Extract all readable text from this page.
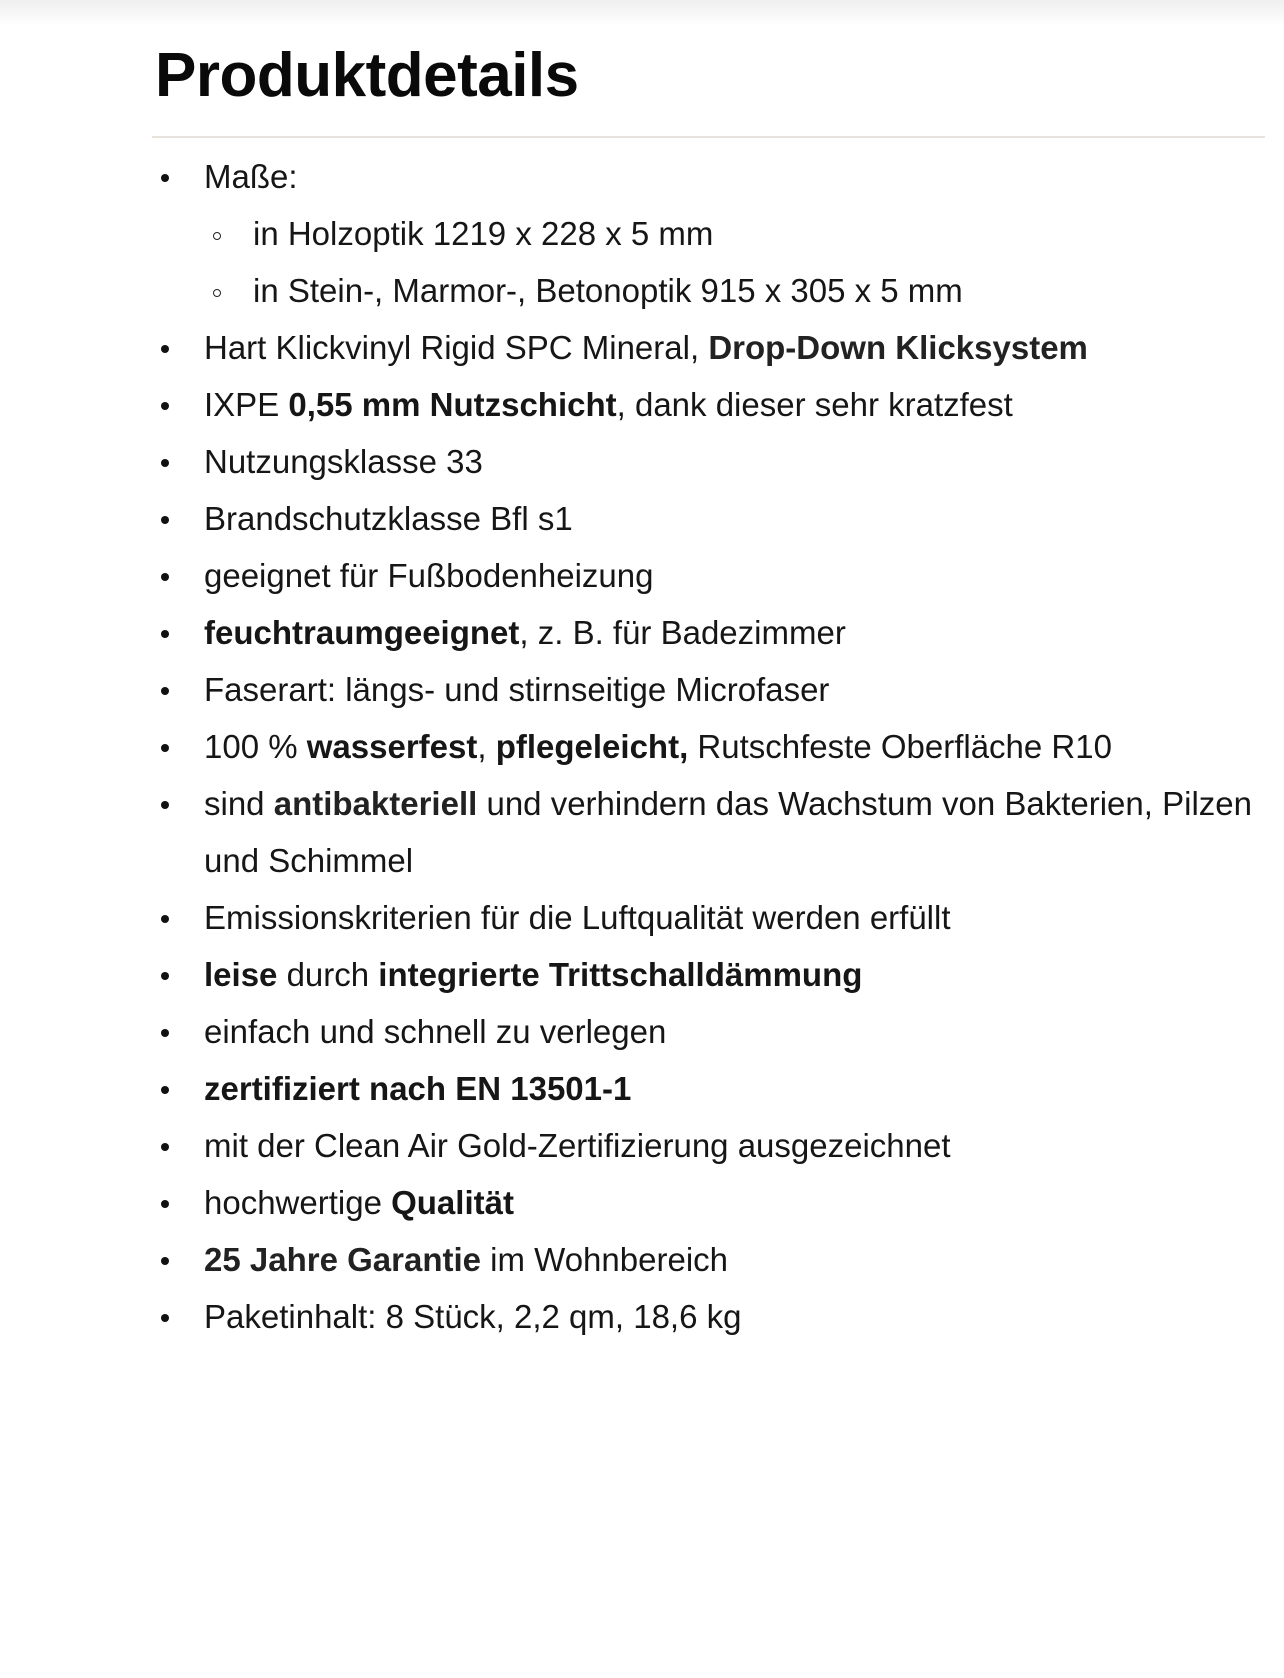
Produktdetails
Maße:
in Holzoptik 1219 x 228 x 5 mm
in Stein-, Marmor-, Betonoptik 915 x 305 x 5 mm
Hart Klickvinyl Rigid SPC Mineral, Drop-Down Klicksystem
IXPE 0,55 mm Nutzschicht, dank dieser sehr kratzfest
Nutzungsklasse 33
Brandschutzklasse Bfl s1
geeignet für Fußbodenheizung
feuchtraumgeeignet, z. B. für Badezimmer
Faserart: längs- und stirnseitige Microfaser
100 % wasserfest, pflegeleicht, Rutschfeste Oberfläche R10
sind antibakteriell und verhindern das Wachstum von Bakterien, Pilzen und Schimmel
Emissionskriterien für die Luftqualität werden erfüllt
leise durch integrierte Trittschalldämmung
einfach und schnell zu verlegen
zertifiziert nach EN 13501-1
mit der Clean Air Gold-Zertifizierung ausgezeichnet
hochwertige Qualität
25 Jahre Garantie im Wohnbereich
Paketinhalt: 8 Stück, 2,2 qm, 18,6 kg
